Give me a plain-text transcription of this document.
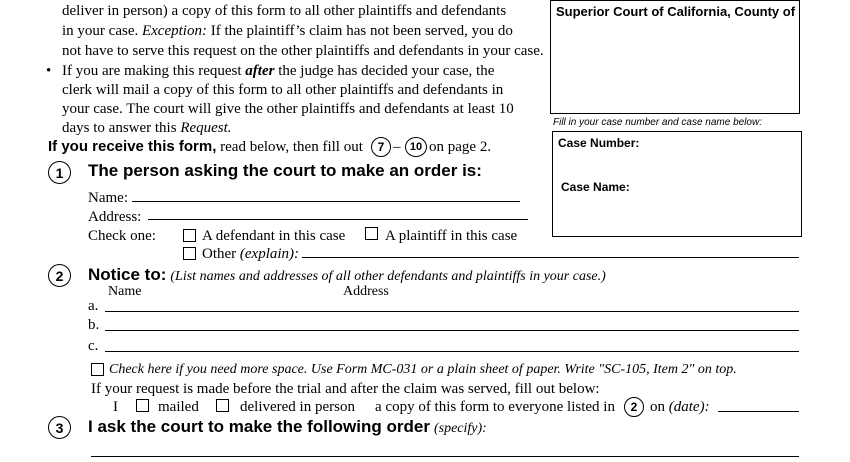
deliver in person) a copy of this form to all other plaintiffs and defendants
in your case. Exception: If the plaintiff’s claim has not been served, you do
not have to serve this request on the other plaintiffs and defendants in your case.
• If you are making this request after the judge has decided your case, the
clerk will mail a copy of this form to all other plaintiffs and defendants in
your case. The court will give the other plaintiffs and defendants at least 10
days to answer this Request.
If you receive this form, read below, then fill out	7 – 10 on page 2.
Superior Court of California, County of
Fill in your case number and case name below:
Case Number:
Case Name:
1	The person asking the court to make an order is:
Name:
Address:
Check one:	A defendant in this case	A plaintiff in this case
Other (explain):
2	Notice to: (List names and addresses of all other defendants and plaintiffs in your case.)
Name	Address
a.
b.
c.
Check here if you need more space. Use Form MC-031 or a plain sheet of paper. Write "SC-105, Item 2" on top.
If your request is made before the trial and after the claim was served, fill out below:
I	mailed	delivered in person a copy of this form to everyone listed in	2 on (date):
3	I ask the court to make the following order (specify):
